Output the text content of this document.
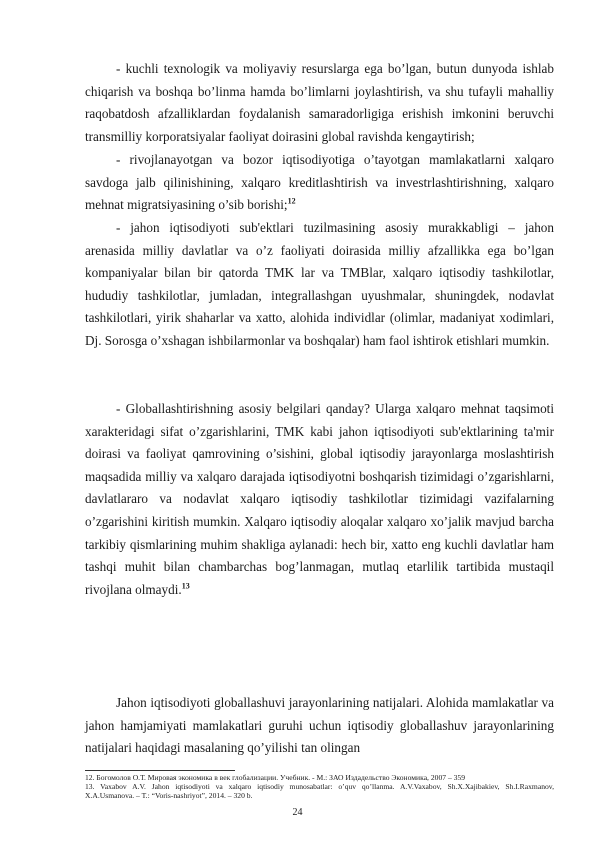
- kuchli texnologik va moliyaviy resurslarga ega bo’lgan, butun dunyoda ishlab chiqarish va boshqa bo’linma hamda bo’limlarni joylashtirish, va shu tufayli mahalliy raqobatdosh afzalliklardan foydalanish samaradorligiga erishish imkonini beruvchi transmilliy korporatsiyalar faoliyat doirasini global ravishda kengaytirish;

- rivojlanayotgan va bozor iqtisodiyotiga o’tayotgan mamlakatlarni xalqaro savdoga jalb qilinishining, xalqaro kreditlashtirish va investrlashtirishning, xalqaro mehnat migratsiyasining o’sib borishi;$^{12}$

- jahon iqtisodiyoti sub'ektlari tuzilmasining asosiy murakkabligi – jahon arenasida milliy davlatlar va o’z faoliyati doirasida milliy afzallikka ega bo’lgan kompaniyalar bilan bir qatorda TMK lar va TMBlar, xalqaro iqtisodiy tashkilotlar, hududiy tashkilotlar, jumladan, integrallashgan uyushmalar, shuningdek, nodavlat tashkilotlari, yirik shaharlar va xatto, alohida individlar (olimlar, madaniyat xodimlari, Dj. Sorosga o’xshagan ishbilarmonlar va boshqalar) ham faol ishtirok etishlari mumkin.

- Globallashtirishning asosiy belgilari qanday? Ularga xalqaro mehnat taqsimoti xarakteridagi sifat o’zgarishlarini, TMK kabi jahon iqtisodiyoti sub'ektlarining ta'mir doirasi va faoliyat qamrovining o’sishini, global iqtisodiy jarayonlarga moslashtirish maqsadida milliy va xalqaro darajada iqtisodiyotni boshqarish tizimidagi o’zgarishlarni, davlatlararo va nodavlat xalqaro iqtisodiy tashkilotlar tizimidagi vazifalarning o’zgarishini kiritish mumkin. Xalqaro iqtisodiy aloqalar xalqaro xo’jalik mavjud barcha tarkibiy qismlarining muhim shakliga aylanadi: hech bir, xatto eng kuchli davlatlar ham tashqi muhit bilan chambarchas bog’lanmagan, mutlaq etarlilik tartibida mustaqil rivojlana olmaydi.$^{13}$

Jahon iqtisodiyoti globallashuvi jarayonlarining natijalari. Alohida mamlakatlar va jahon hamjamiyati mamlakatlari guruhi uchun iqtisodiy globallashuv jarayonlarining natijalari haqidagi masalaning qo’yilishi tan olingan

12. Богомолов О.Т. Мировая экономика в век глобализации. Учебник. - М.: ЗАО Издадельство Экономика, 2007 – 359

13. Vaxabov A.V. Jahon iqtisodiyoti va xalqaro iqtisodiy munosabatlar: o’quv qo’llanma. A.V.Vaxabov, Sh.X.Xajibakiev, Sh.I.Raxmanov, X.A.Usmanova. – T.: “Voris-nashriyot”, 2014. – 320 b.

24
